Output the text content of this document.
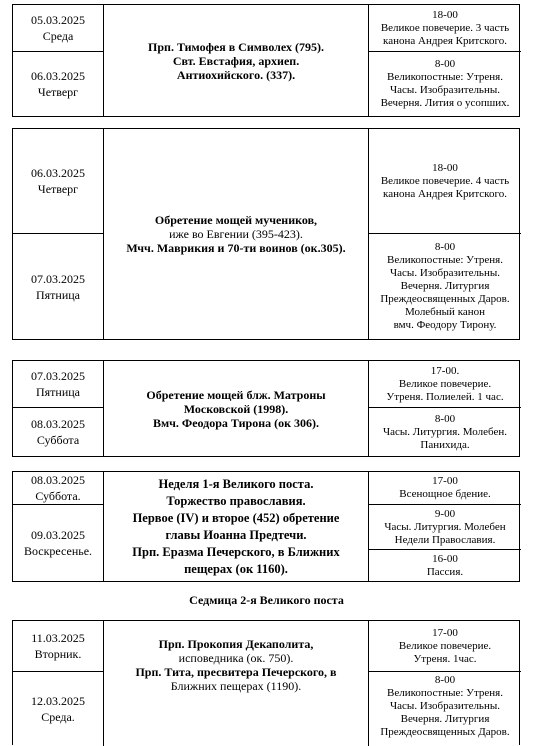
05.03.2025
Среда
06.03.2025
Четверг
Прп. Тимофея в Символех (795).
Свт. Евстафия, архиеп.
Антиохийского. (337).
18-00
Великое повечерие. 3 часть
канона Андрея Критского.
8-00
Великопостные: Утреня.
Часы. Изобразительны.
Вечерня. Лития о усопших.
06.03.2025
Четверг
07.03.2025
Пятница
Обретение мощей мучеников,
иже во Евгении (395-423).
Мчч. Маврикия и 70-ти воинов (ок.305).
18-00
Великое повечерие. 4 часть
канона Андрея Критского.
8-00
Великопостные: Утреня.
Часы. Изобразительны.
Вечерня. Литургия
Преждеосвященных Даров.
Молебный канон
вмч. Феодору Тирону.
07.03.2025
Пятница
08.03.2025
Суббота
Обретение мощей блж. Матроны
Московской (1998).
Вмч. Феодора Тирона (ок 306).
17-00.
Великое повечерие.
Утреня. Полиелей. 1 час.
8-00
Часы. Литургия. Молебен.
Панихида.
08.03.2025
Суббота.
09.03.2025
Воскресенье.
Неделя 1-я Великого поста.
Торжество православия.
Первое (IV) и второе (452) обретение
главы Иоанна Предтечи.
Прп. Еразма Печерского, в Ближних
пещерах (ок 1160).
17-00
Всенощное бдение.
9-00
Часы. Литургия. Молебен
Недели Православия.
16-00
Пассия.
Седмица 2-я Великого поста
11.03.2025
Вторник.
12.03.2025
Среда.
Прп. Прокопия Декаполита,
исповедника (ок. 750).
Прп. Тита, пресвитера Печерского, в
Ближних пещерах (1190).
17-00
Великое повечерие.
Утреня. 1час.
8-00
Великопостные: Утреня.
Часы. Изобразительны.
Вечерня. Литургия
Преждеосвященных Даров.
